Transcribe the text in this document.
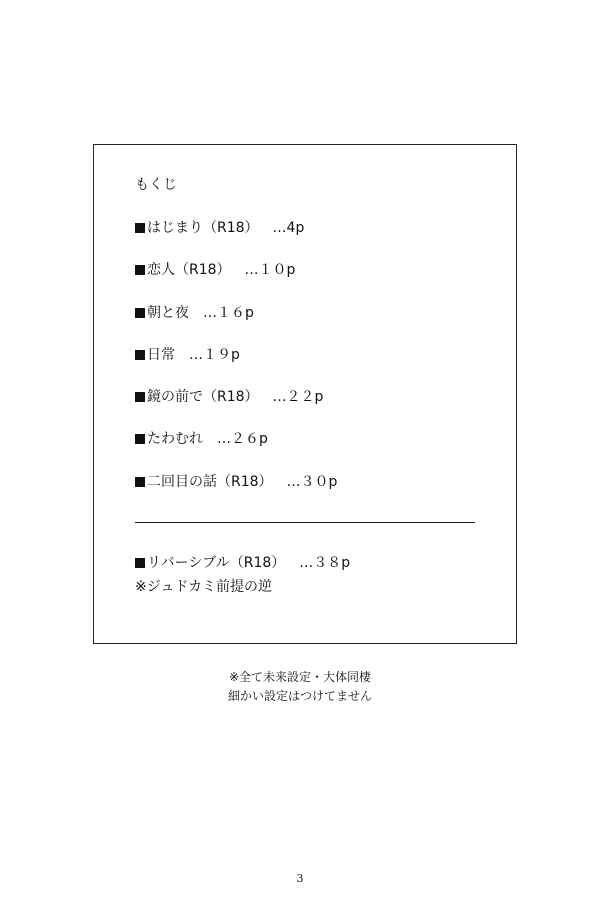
もくじ
はじまり（R18） …4p
恋人（R18） …１０p
朝と夜 …１６p
日常 …１９p
鏡の前で（R18） …２２p
たわむれ …２６p
二回目の話（R18） …３０p
リバーシブル（R18） …３８p
※ジュドカミ前提の逆
※全て未来設定・大体同棲
細かい設定はつけてません
3
